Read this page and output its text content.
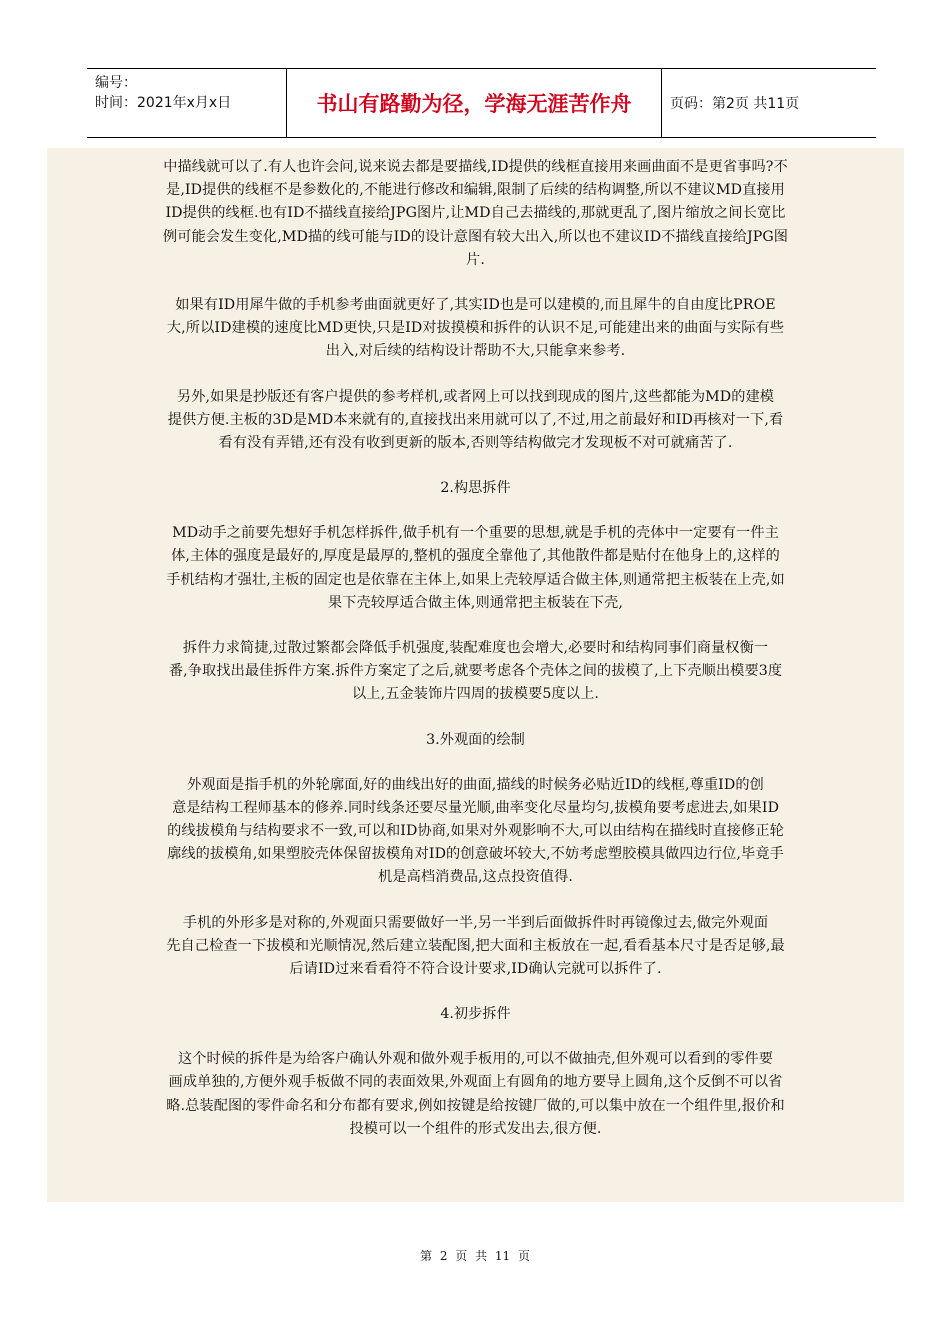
编号：
时间：2021年x月x日	书山有路勤为径，学海无涯苦作舟	页码：第2页 共11页
中描线就可以了.有人也许会问,说来说去都是要描线,ID提供的线框直接用来画曲面不是更省事吗?不
是,ID提供的线框不是参数化的,不能进行修改和编辑,限制了后续的结构调整,所以不建议MD直接用
ID提供的线框.也有ID不描线直接给JPG图片,让MD自己去描线的,那就更乱了,图片缩放之间长宽比
例可能会发生变化,MD描的线可能与ID的设计意图有较大出入,所以也不建议ID不描线直接给JPG图
片.
如果有ID用犀牛做的手机参考曲面就更好了,其实ID也是可以建模的,而且犀牛的自由度比PROE
大,所以ID建模的速度比MD更快,只是ID对拔摸模和拆件的认识不足,可能建出来的曲面与实际有些
出入,对后续的结构设计帮助不大,只能拿来参考.
另外,如果是抄版还有客户提供的参考样机,或者网上可以找到现成的图片,这些都能为MD的建模
提供方便.主板的3D是MD本来就有的,直接找出来用就可以了,不过,用之前最好和ID再核对一下,看
看有没有弄错,还有没有收到更新的版本,否则等结构做完才发现板不对可就痛苦了.
2.构思拆件
MD动手之前要先想好手机怎样拆件,做手机有一个重要的思想,就是手机的壳体中一定要有一件主
体,主体的强度是最好的,厚度是最厚的,整机的强度全靠他了,其他散件都是贴付在他身上的,这样的
手机结构才强壮,主板的固定也是依靠在主体上,如果上壳较厚适合做主体,则通常把主板装在上壳,如
果下壳较厚适合做主体,则通常把主板装在下壳,
拆件力求简捷,过散过繁都会降低手机强度,装配难度也会增大,必要时和结构同事们商量权衡一
番,争取找出最佳拆件方案.拆件方案定了之后,就要考虑各个壳体之间的拔模了,上下壳顺出模要3度
以上,五金装饰片四周的拔模要5度以上.
3.外观面的绘制
外观面是指手机的外轮廓面,好的曲线出好的曲面,描线的时候务必贴近ID的线框,尊重ID的创
意是结构工程师基本的修养.同时线条还要尽量光顺,曲率变化尽量均匀,拔模角要考虑进去,如果ID
的线拔模角与结构要求不一致,可以和ID协商,如果对外观影响不大,可以由结构在描线时直接修正轮
廓线的拔模角,如果塑胶壳体保留拔模角对ID的创意破坏较大,不妨考虑塑胶模具做四边行位,毕竟手
机是高档消费品,这点投资值得.
手机的外形多是对称的,外观面只需要做好一半,另一半到后面做拆件时再镜像过去,做完外观面
先自己检查一下拔模和光顺情况,然后建立装配图,把大面和主板放在一起,看看基本尺寸是否足够,最
后请ID过来看看符不符合设计要求,ID确认完就可以拆件了.
4.初步拆件
这个时候的拆件是为给客户确认外观和做外观手板用的,可以不做抽壳,但外观可以看到的零件要
画成单独的,方便外观手板做不同的表面效果,外观面上有圆角的地方要导上圆角,这个反倒不可以省
略.总装配图的零件命名和分布都有要求,例如按键是给按键厂做的,可以集中放在一个组件里,报价和
投模可以一个组件的形式发出去,很方便.
第 2 页 共 11 页
